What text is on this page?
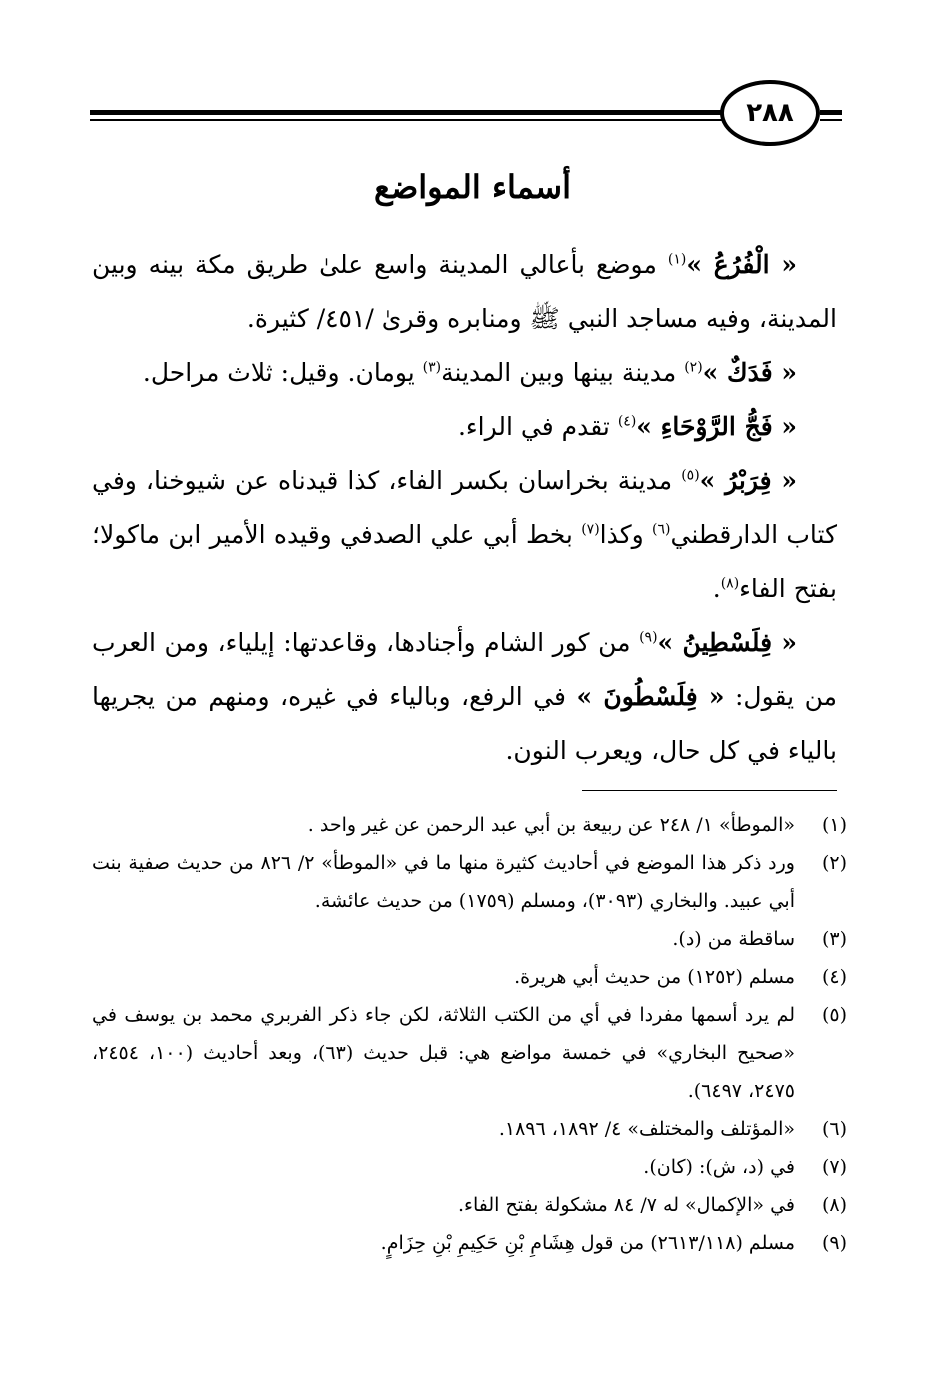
٢٨٨
أسماء المواضع

« الْفُرُعُ »$^{(١)}$ موضع بأعالي المدينة واسع علىٰ طريق مكة بينه وبين المدينة، وفيه مساجد النبي ﷺ ومنابره وقرىٰ /٤٥١/ كثيرة.

« فَدَكٌ »$^{(٢)}$ مدينة بينها وبين المدينة$^{(٣)}$ يومان. وقيل: ثلاث مراحل.

« فَجُّ الرَّوْحَاءِ »$^{(٤)}$ تقدم في الراء.

« فِرَبْرُ »$^{(٥)}$ مدينة بخراسان بكسر الفاء، كذا قيدناه عن شيوخنا، وفي كتاب الدارقطني$^{(٦)}$ وكذا$^{(٧)}$ بخط أبي علي الصدفي وقيده الأمير ابن ماكولا؛ بفتح الفاء$^{(٨)}$.

« فِلَسْطِينُ »$^{(٩)}$ من كور الشام وأجنادها، وقاعدتها: إيلياء، ومن العرب من يقول: « فِلَسْطُونَ » في الرفع، وبالياء في غيره، ومنهم من يجريها بالياء في كل حال، ويعرب النون.

(١)
«الموطأ» ١/ ٢٤٨ عن ربيعة بن أبي عبد الرحمن عن غير واحد .
(٢)
ورد ذكر هذا الموضع في أحاديث كثيرة منها ما في «الموطأ» ٢/ ٨٢٦ من حديث صفية بنت أبي عبيد. والبخاري (٣٠٩٣)، ومسلم (١٧٥٩) من حديث عائشة.
(٣)
ساقطة من (د).
(٤)
مسلم (١٢٥٢) من حديث أبي هريرة.
(٥)
لم يرد أسمها مفردا في أي من الكتب الثلاثة، لكن جاء ذكر الفربري محمد بن يوسف في «صحيح البخاري» في خمسة مواضع هي: قبل حديث (٦٣)، وبعد أحاديث (١٠٠، ٢٤٥٤، ٢٤٧٥، ٦٤٩٧).
(٦)
«المؤتلف والمختلف» ٤/ ١٨٩٢، ١٨٩٦.
(٧)
في (د، ش): (كان).
(٨)
في «الإكمال» له ٧/ ٨٤ مشكولة بفتح الفاء.
(٩)
مسلم (٢٦١٣/١١٨) من قول هِشَامِ بْنِ حَكِيمِ بْنِ حِزَامٍ.
